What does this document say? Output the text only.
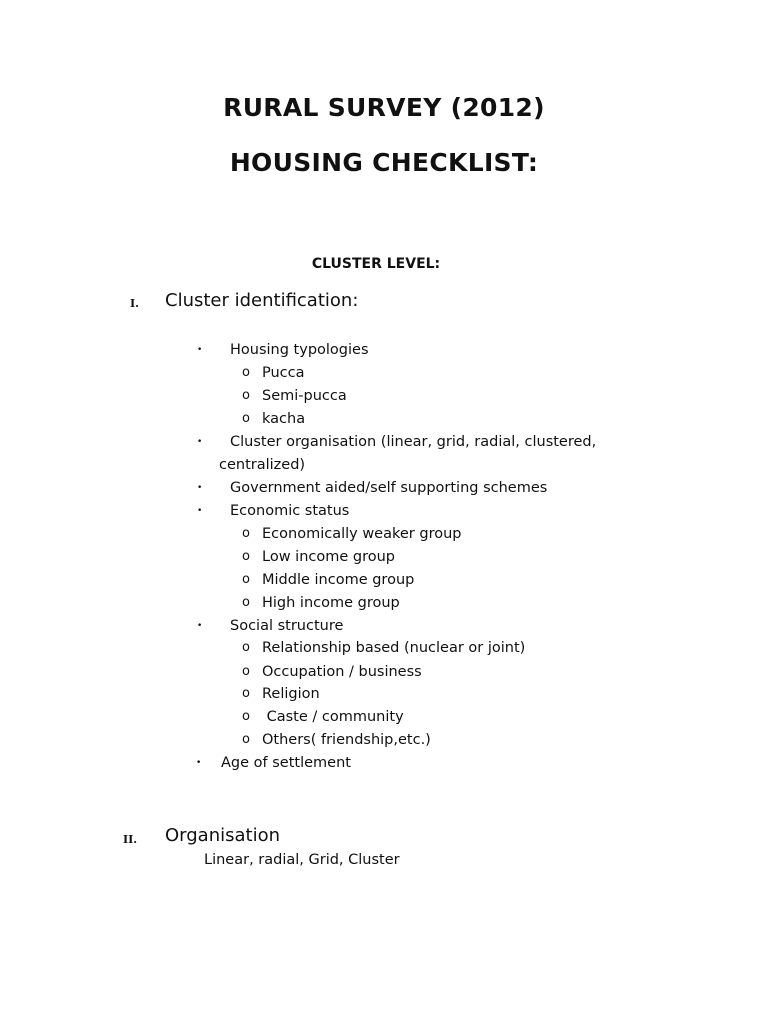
RURAL SURVEY (2012)
HOUSING CHECKLIST:
CLUSTER LEVEL:
I. Cluster identification:
• Housing typologies
o Pucca
o Semi-pucca
o kacha
• Cluster organisation (linear, grid, radial, clustered,
centralized)
• Government aided/self supporting schemes
• Economic status
o Economically weaker group
o Low income group
o Middle income group
o High income group
• Social structure
o Relationship based (nuclear or joint)
o Occupation / business
o Religion
o Caste / community
o Others( friendship,etc.)
• Age of settlement
II. Organisation
Linear, radial, Grid, Cluster
